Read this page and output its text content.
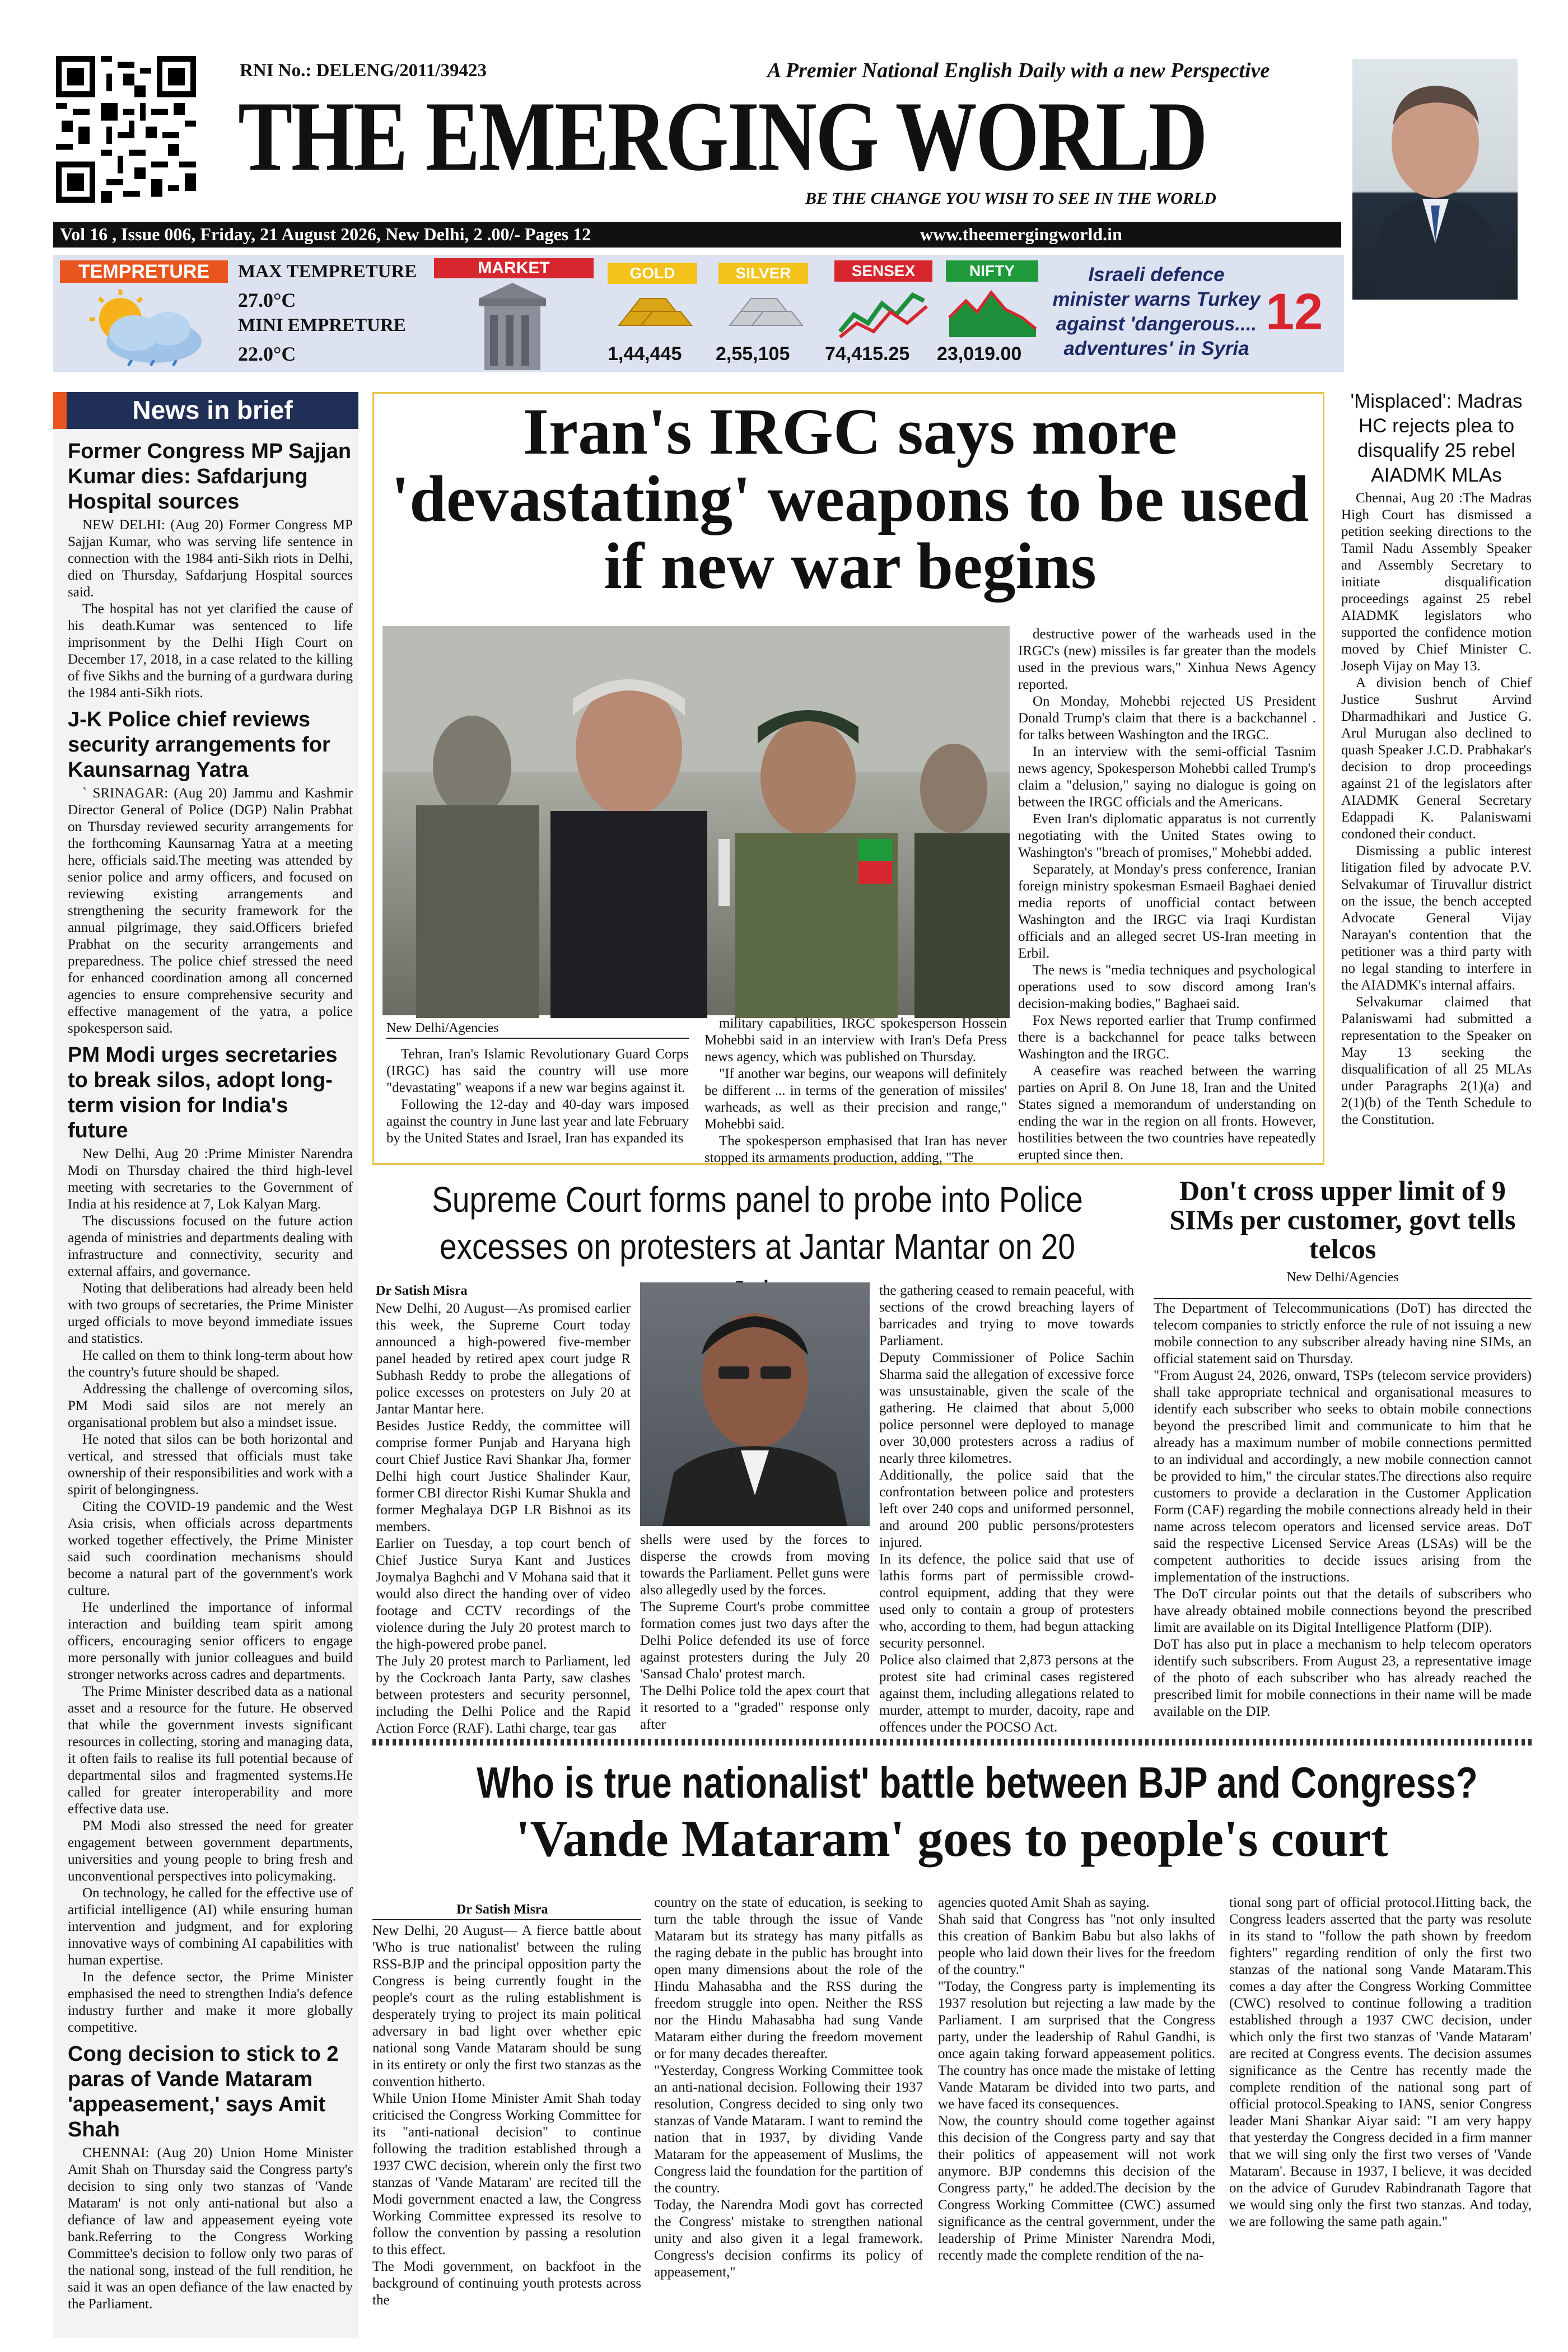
RNI No.: DELENG/2011/39423	A Premier National English Daily with a new Perspective
THE EMERGING WORLD
BE THE CHANGE YOU WISH TO SEE IN THE WORLD
Vol 16 , Issue 006, Friday, 21 August 2026, New Delhi, 2 .00/- Pages 12	www.theemergingworld.in
TEMPRETURE	MAX TEMPRETURE
27.0°C
MINI EMPRETURE
22.0°C
MARKET	GOLD
1,44,445
SILVER
2,55,105
SENSEX
74,415.25
NIFTY
23,019.00
Israeli defence minister warns Turkey against 'dangerous.... adventures' in Syria
12
News in brief
Former Congress MP Sajjan Kumar dies: Safdarjung Hospital sources

NEW DELHI: (Aug 20) Former Congress MP Sajjan Kumar, who was serving life sentence in connection with the 1984 anti-Sikh riots in Delhi, died on Thursday, Safdarjung Hospital sources said.

The hospital has not yet clarified the cause of his death.Kumar was sentenced to life imprisonment by the Delhi High Court on December 17, 2018, in a case related to the killing of five Sikhs and the burning of a gurdwara during the 1984 anti-Sikh riots.

J-K Police chief reviews security arrangements for Kaunsarnag Yatra

` SRINAGAR: (Aug 20) Jammu and Kashmir Director General of Police (DGP) Nalin Prabhat on Thursday reviewed security arrangements for the forthcoming Kaunsarnag Yatra at a meeting here, officials said.The meeting was attended by senior police and army officers, and focused on reviewing existing arrangements and strengthening the security framework for the annual pilgrimage, they said.Officers briefed Prabhat on the security arrangements and preparedness. The police chief stressed the need for enhanced coordination among all concerned agencies to ensure comprehensive security and effective management of the yatra, a police spokesperson said.

PM Modi urges secretaries to break silos, adopt long-term vision for India's future

New Delhi, Aug 20 :Prime Minister Narendra Modi on Thursday chaired the third high-level meeting with secretaries to the Government of India at his residence at 7, Lok Kalyan Marg.

The discussions focused on the future action agenda of ministries and departments dealing with infrastructure and connectivity, security and external affairs, and governance.

Noting that deliberations had already been held with two groups of secretaries, the Prime Minister urged officials to move beyond immediate issues and statistics.

He called on them to think long-term about how the country's future should be shaped.

Addressing the challenge of overcoming silos, PM Modi said silos are not merely an organisational problem but also a mindset issue.

He noted that silos can be both horizontal and vertical, and stressed that officials must take ownership of their responsibilities and work with a spirit of belongingness.

Citing the COVID-19 pandemic and the West Asia crisis, when officials across departments worked together effectively, the Prime Minister said such coordination mechanisms should become a natural part of the government's work culture.

He underlined the importance of informal interaction and building team spirit among officers, encouraging senior officers to engage more personally with junior colleagues and build stronger networks across cadres and departments.

The Prime Minister described data as a national asset and a resource for the future. He observed that while the government invests significant resources in collecting, storing and managing data, it often fails to realise its full potential because of departmental silos and fragmented systems.He called for greater interoperability and more effective data use.

PM Modi also stressed the need for greater engagement between government departments, universities and young people to bring fresh and unconventional perspectives into policymaking.

On technology, he called for the effective use of artificial intelligence (AI) while ensuring human intervention and judgment, and for exploring innovative ways of combining AI capabilities with human expertise.

In the defence sector, the Prime Minister emphasised the need to strengthen India's defence industry further and make it more globally competitive.

Cong decision to stick to 2 paras of Vande Mataram 'appeasement,' says Amit Shah

CHENNAI: (Aug 20) Union Home Minister Amit Shah on Thursday said the Congress party's decision to sing only two stanzas of 'Vande Mataram' is not only anti-national but also a defiance of law and appeasement eyeing vote bank.Referring to the Congress Working Committee's decision to follow only two paras of the national song, instead of the full rendition, he said it was an open defiance of the law enacted by the Parliament.

Iran's IRGC says more 'devastating' weapons to be used if new war begins
New Delhi/Agencies

Tehran, Iran's Islamic Revolutionary Guard Corps (IRGC) has said the country will use more "devastating" weapons if a new war begins against it.

Following the 12-day and 40-day wars imposed against the country in June last year and late February by the United States and Israel, Iran has expanded its

military capabilities, IRGC spokesperson Hossein Mohebbi said in an interview with Iran's Defa Press news agency, which was published on Thursday.

"If another war begins, our weapons will definitely be different ... in terms of the generation of missiles' warheads, as well as their precision and range," Mohebbi said.

The spokesperson emphasised that Iran has never stopped its armaments production, adding, "The

destructive power of the warheads used in the IRGC's (new) missiles is far greater than the models used in the previous wars," Xinhua News Agency reported.

On Monday, Mohebbi rejected US President Donald Trump's claim that there is a backchannel . for talks between Washington and the IRGC.

In an interview with the semi-official Tasnim news agency, Spokesperson Mohebbi called Trump's claim a "delusion," saying no dialogue is going on between the IRGC officials and the Americans.

Even Iran's diplomatic apparatus is not currently negotiating with the United States owing to Washington's "breach of promises," Mohebbi added.

Separately, at Monday's press conference, Iranian foreign ministry spokesman Esmaeil Baghaei denied media reports of unofficial contact between Washington and the IRGC via Iraqi Kurdistan officials and an alleged secret US-Iran meeting in Erbil.

The news is "media techniques and psychological operations used to sow discord among Iran's decision-making bodies," Baghaei said.

Fox News reported earlier that Trump confirmed there is a backchannel for peace talks between Washington and the IRGC.

A ceasefire was reached between the warring parties on April 8. On June 18, Iran and the United States signed a memorandum of understanding on ending the war in the region on all fronts. However, hostilities between the two countries have repeatedly erupted since then.

'Misplaced': Madras HC rejects plea to disqualify 25 rebel AIADMK MLAs

Chennai, Aug 20 :The Madras High Court has dismissed a petition seeking directions to the Tamil Nadu Assembly Speaker and Assembly Secretary to initiate disqualification proceedings against 25 rebel AIADMK legislators who supported the confidence motion moved by Chief Minister C. Joseph Vijay on May 13.

A division bench of Chief Justice Sushrut Arvind Dharmadhikari and Justice G. Arul Murugan also declined to quash Speaker J.C.D. Prabhakar's decision to drop proceedings against 21 of the legislators after AIADMK General Secretary Edappadi K. Palaniswami condoned their conduct.

Dismissing a public interest litigation filed by advocate P.V. Selvakumar of Tiruvallur district on the issue, the bench accepted Advocate General Vijay Narayan's contention that the petitioner was a third party with no legal standing to interfere in the AIADMK's internal affairs.

Selvakumar claimed that Palaniswami had submitted a representation to the Speaker on May 13 seeking the disqualification of all 25 MLAs under Paragraphs 2(1)(a) and 2(1)(b) of the Tenth Schedule to the Constitution.

Supreme Court forms panel to probe into Police excesses on protesters at Jantar Mantar on 20
Dr Satish Misra

New Delhi, 20 August—As promised earlier this week, the Supreme Court today announced a high-powered five-member panel headed by retired apex court judge R Subhash Reddy to probe the allegations of police excesses on protesters on July 20 at Jantar Mantar here.

Besides Justice Reddy, the committee will comprise former Punjab and Haryana high court Chief Justice Ravi Shankar Jha, former Delhi high court Justice Shalinder Kaur, former CBI director Rishi Kumar Shukla and former Meghalaya DGP LR Bishnoi as its members.

Earlier on Tuesday, a top court bench of Chief Justice Surya Kant and Justices Joymalya Baghchi and V Mohana said that it would also direct the handing over of video footage and CCTV recordings of the violence during the July 20 protest march to the high-powered probe panel.

The July 20 protest march to Parliament, led by the Cockroach Janta Party, saw clashes between protesters and security personnel, including the Delhi Police and the Rapid Action Force (RAF). Lathi charge, tear gas

shells were used by the forces to disperse the crowds from moving towards the Parliament. Pellet guns were also allegedly used by the forces.

The Supreme Court's probe committee formation comes just two days after the Delhi Police defended its use of force against protesters during the July 20 'Sansad Chalo' protest march.

The Delhi Police told the apex court that it resorted to a "graded" response only after

the gathering ceased to remain peaceful, with sections of the crowd breaching layers of barricades and trying to move towards Parliament.

Deputy Commissioner of Police Sachin Sharma said the allegation of excessive force was unsustainable, given the scale of the gathering. He claimed that about 5,000 police personnel were deployed to manage over 30,000 protesters across a radius of nearly three kilometres.

Additionally, the police said that the confrontation between police and protesters left over 240 cops and uniformed personnel, and around 200 public persons/protesters injured.

In its defence, the police said that use of lathis forms part of permissible crowd-control equipment, adding that they were used only to contain a group of protesters who, according to them, had begun attacking security personnel.

Police also claimed that 2,873 persons at the protest site had criminal cases registered against them, including allegations related to murder, attempt to murder, dacoity, rape and offences under the POCSO Act.

Don't cross upper limit of 9 SIMs per customer, govt tells telcos
New Delhi/Agencies

The Department of Telecommunications (DoT) has directed the telecom companies to strictly enforce the rule of not issuing a new mobile connection to any subscriber already having nine SIMs, an official statement said on Thursday.

"From August 24, 2026, onward, TSPs (telecom service providers) shall take appropriate technical and organisational measures to identify each subscriber who seeks to obtain mobile connections beyond the prescribed limit and communicate to him that he already has a maximum number of mobile connections permitted to an individual and accordingly, a new mobile connection cannot be provided to him," the circular states.The directions also require customers to provide a declaration in the Customer Application Form (CAF) regarding the mobile connections already held in their name across telecom operators and licensed service areas. DoT said the respective Licensed Service Areas (LSAs) will be the competent authorities to decide issues arising from the implementation of the instructions.

The DoT circular points out that the details of subscribers who have already obtained mobile connections beyond the prescribed limit are available on its Digital Intelligence Platform (DIP).

DoT has also put in place a mechanism to help telecom operators identify such subscribers. From August 23, a representative image of the photo of each subscriber who has already reached the prescribed limit for mobile connections in their name will be made available on the DIP.

Who is true nationalist' battle between BJP and Congress?
'Vande Mataram' goes to people's court
Dr Satish Misra

New Delhi, 20 August— A fierce battle about 'Who is true nationalist' between the ruling RSS-BJP and the principal opposition party the Congress is being currently fought in the people's court as the ruling establishment is desperately trying to project its main political adversary in bad light over whether epic national song Vande Mataram should be sung in its entirety or only the first two stanzas as the convention hitherto.

While Union Home Minister Amit Shah today criticised the Congress Working Committee for its "anti-national decision" to continue following the tradition established through a 1937 CWC decision, wherein only the first two stanzas of 'Vande Mataram' are recited till the Modi government enacted a law, the Congress Working Committee expressed its resolve to follow the convention by passing a resolution to this effect.

The Modi government, on backfoot in the background of continuing youth protests across the

country on the state of education, is seeking to turn the table through the issue of Vande Mataram but its strategy has many pitfalls as the raging debate in the public has brought into open many dimensions about the role of the Hindu Mahasabha and the RSS during the freedom struggle into open. Neither the RSS nor the Hindu Mahasabha had sung Vande Mataram either during the freedom movement or for many decades thereafter.

"Yesterday, Congress Working Committee took an anti-national decision. Following their 1937 resolution, Congress decided to sing only two stanzas of Vande Mataram. I want to remind the nation that in 1937, by dividing Vande Mataram for the appeasement of Muslims, the Congress laid the foundation for the partition of the country.

Today, the Narendra Modi govt has corrected the Congress' mistake to strengthen national unity and also given it a legal framework. Congress's decision confirms its policy of appeasement,"

agencies quoted Amit Shah as saying.

Shah said that Congress has "not only insulted this creation of Bankim Babu but also lakhs of people who laid down their lives for the freedom of the country."

"Today, the Congress party is implementing its 1937 resolution but rejecting a law made by the Parliament. I am surprised that the Congress party, under the leadership of Rahul Gandhi, is once again taking forward appeasement politics. The country has once made the mistake of letting Vande Mataram be divided into two parts, and we have faced its consequences.

Now, the country should come together against this decision of the Congress party and say that their politics of appeasement will not work anymore. BJP condemns this decision of the Congress party," he added.The decision by the Congress Working Committee (CWC) assumed significance as the central government, under the leadership of Prime Minister Narendra Modi, recently made the complete rendition of the na-

tional song part of official protocol.Hitting back, the Congress leaders asserted that the party was resolute in its stand to "follow the path shown by freedom fighters" regarding rendition of only the first two stanzas of the national song Vande Mataram.This comes a day after the Congress Working Committee (CWC) resolved to continue following a tradition established through a 1937 CWC decision, under which only the first two stanzas of 'Vande Mataram' are recited at Congress events. The decision assumes significance as the Centre has recently made the complete rendition of the national song part of official protocol.Speaking to IANS, senior Congress leader Mani Shankar Aiyar said: "I am very happy that yesterday the Congress decided in a firm manner that we will sing only the first two verses of 'Vande Mataram'. Because in 1937, I believe, it was decided on the advice of Gurudev Rabindranath Tagore that we would sing only the first two stanzas. And today, we are following the same path again."
